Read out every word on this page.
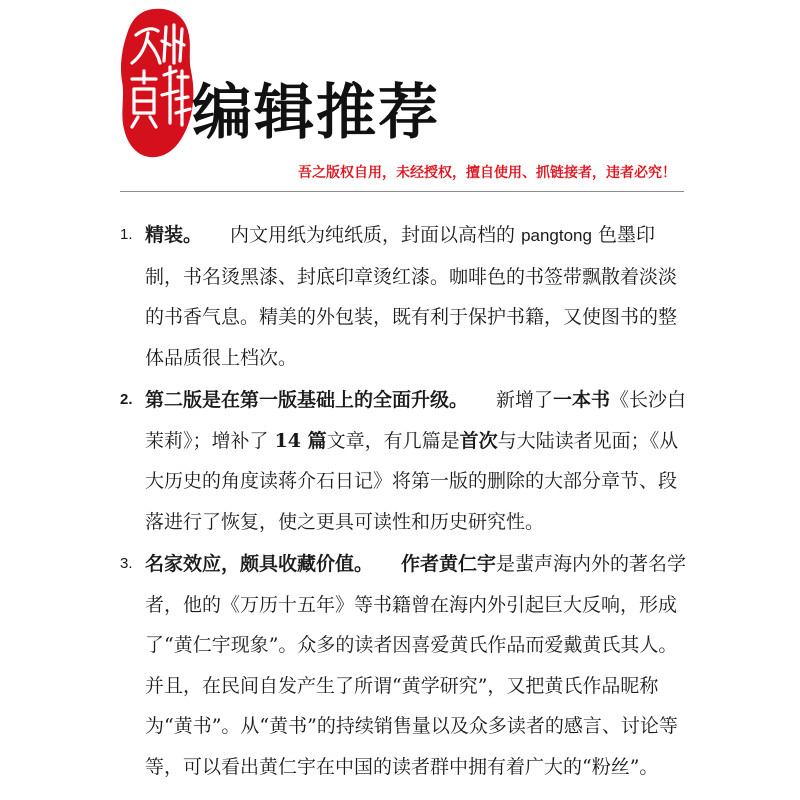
编辑推荐
吾之版权自用，未经授权，擅自使用、抓链接者，违者必究！
1. 精装。 内文用纸为纯纸质，封面以高档的 pangtong 色墨印制，书名烫黑漆、封底印章烫红漆。咖啡色的书签带飘散着淡淡的书香气息。精美的外包装，既有利于保护书籍，又使图书的整体品质很上档次。
2. 第二版是在第一版基础上的全面升级。 新增了一本书《长沙白茉莉》；增补了 14 篇文章，有几篇是首次与大陆读者见面；《从大历史的角度读蒋介石日记》将第一版的删除的大部分章节、段落进行了恢复，使之更具可读性和历史研究性。
3. 名家效应，颇具收藏价值。 作者黄仁宇是蜚声海内外的著名学者，他的《万历十五年》等书籍曾在海内外引起巨大反响，形成了“黄仁宇现象”。众多的读者因喜爱黄氏作品而爱戴黄氏其人。并且，在民间自发产生了所谓“黄学研究”，又把黄氏作品昵称为“黄书”。从“黄书”的持续销售量以及众多读者的感言、讨论等等，可以看出黄仁宇在中国的读者群中拥有着广大的“粉丝”。
